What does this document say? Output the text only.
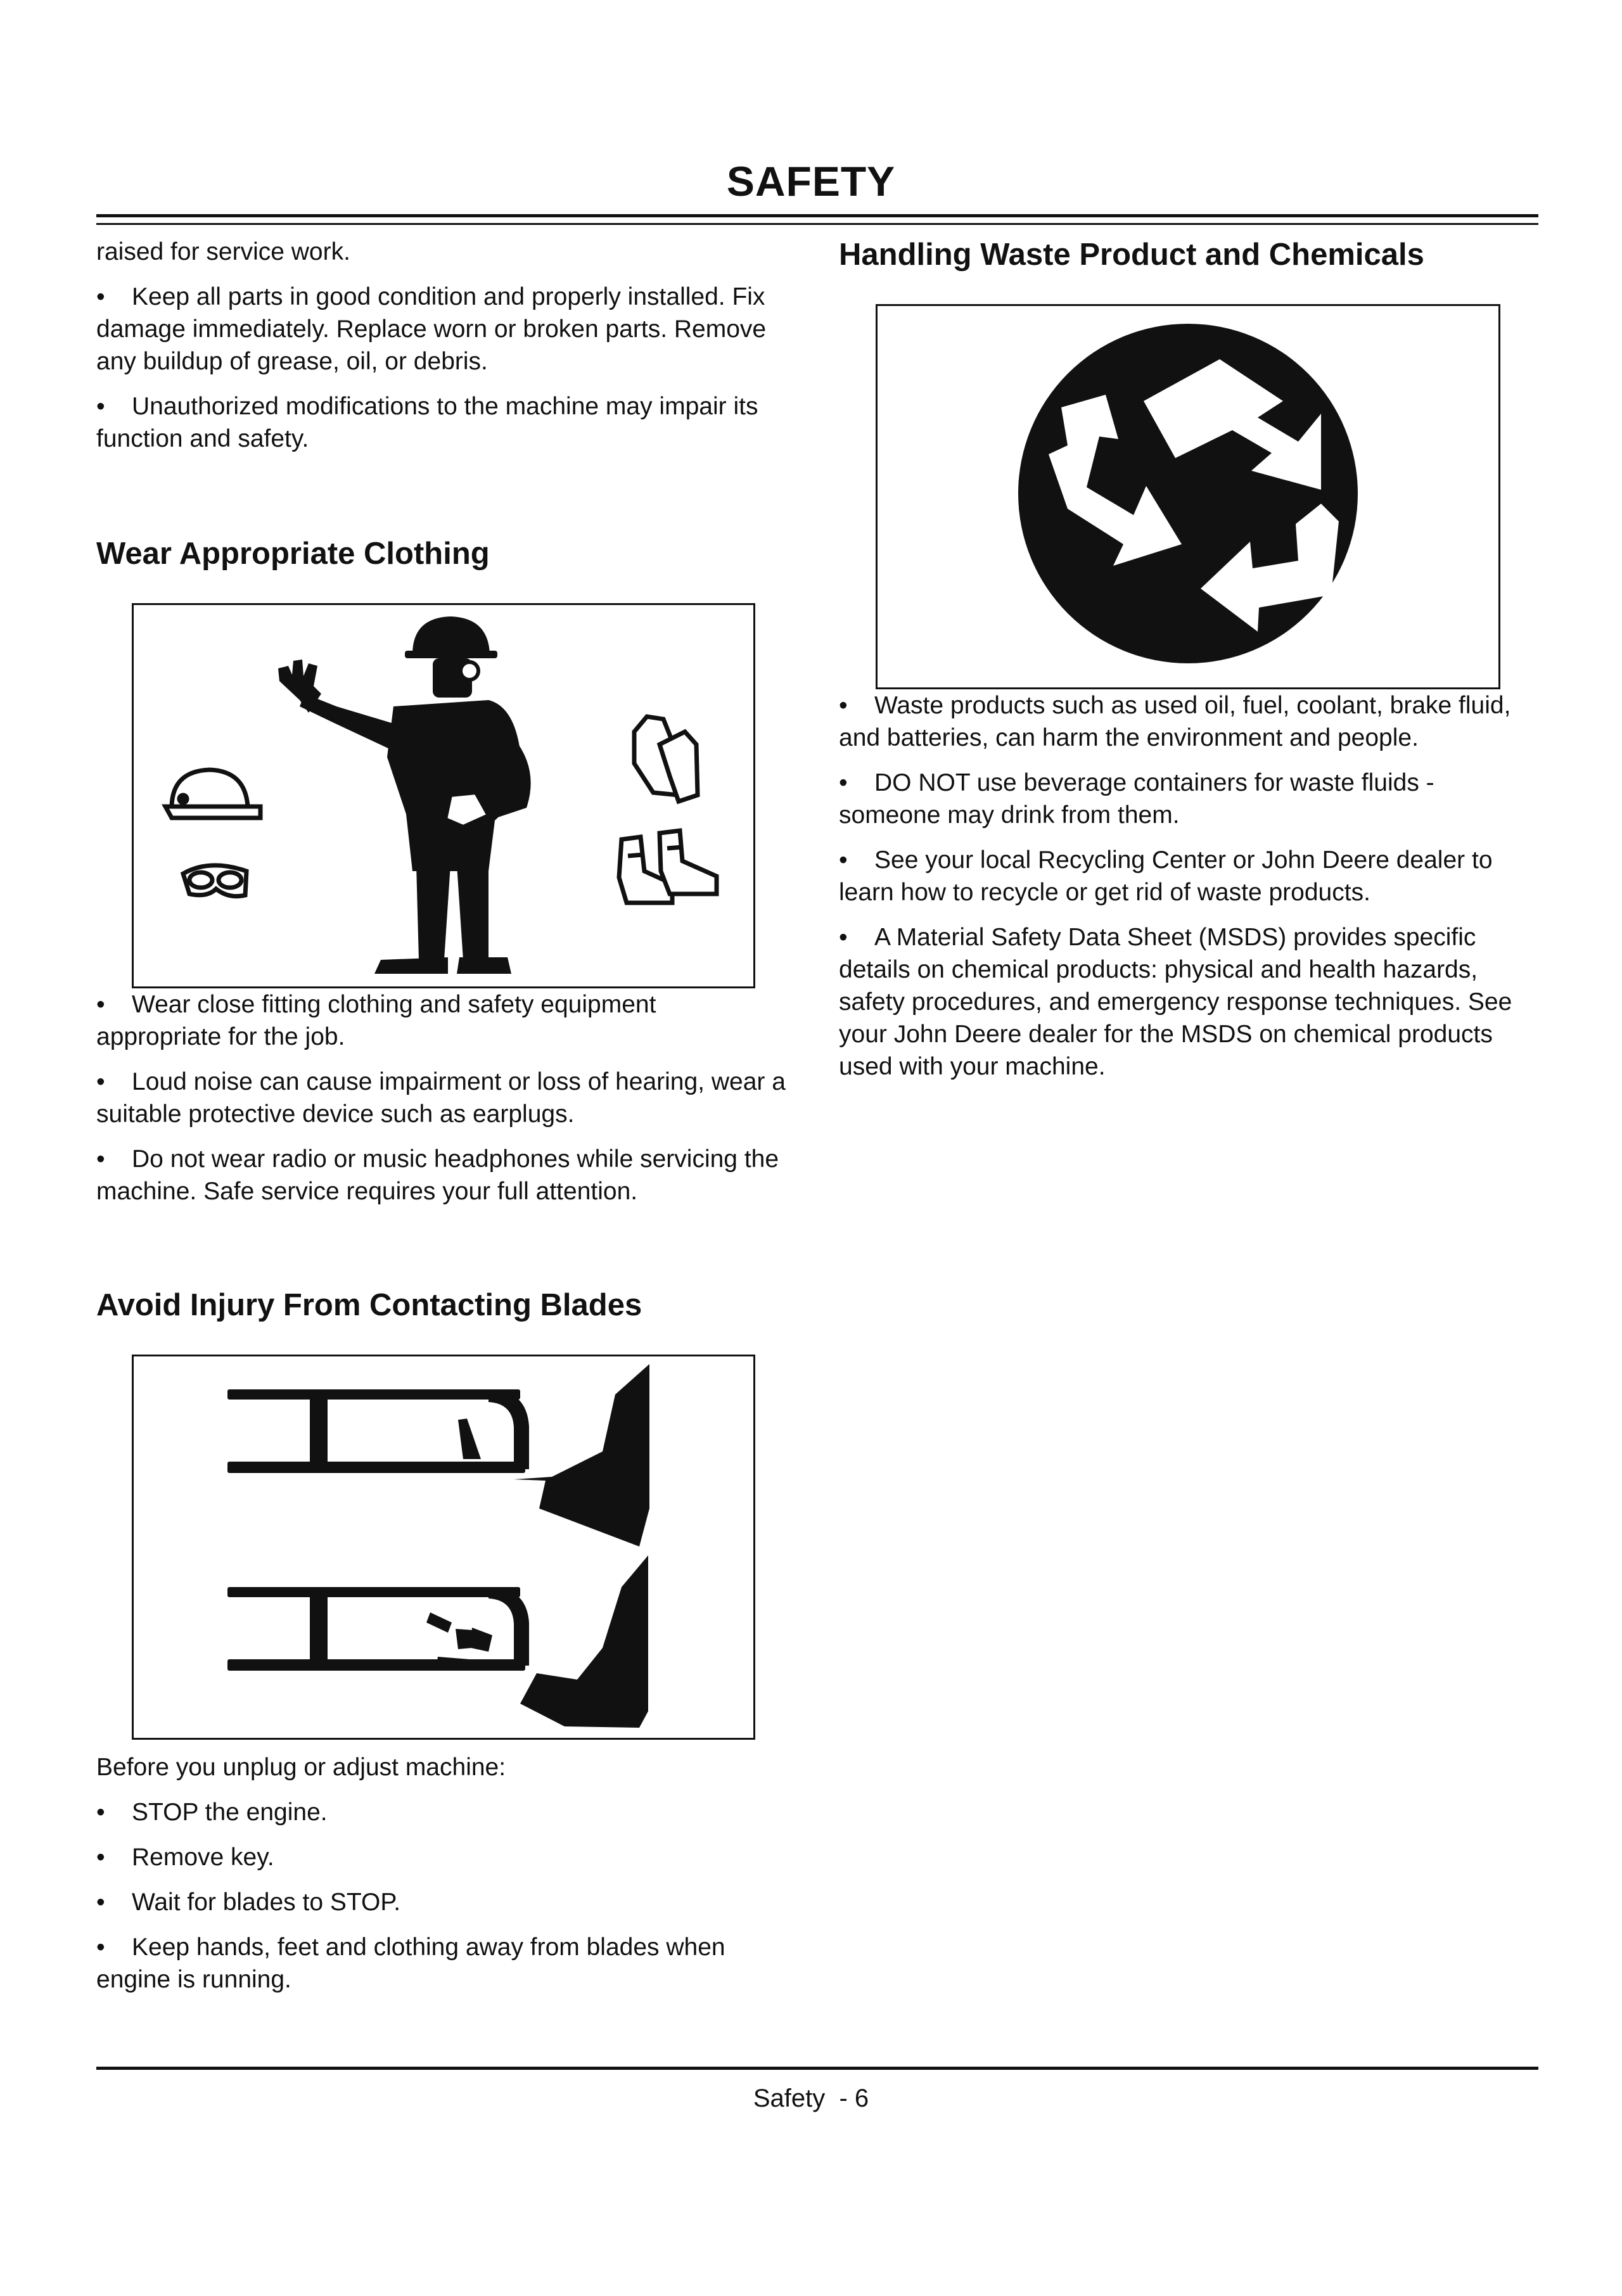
SAFETY

raised for service work.

• Keep all parts in good condition and properly installed. Fix damage immediately. Replace worn or broken parts. Remove any buildup of grease, oil, or debris.

• Unauthorized modifications to the machine may impair its function and safety.

Wear Appropriate Clothing

• Wear close fitting clothing and safety equipment appropriate for the job.

• Loud noise can cause impairment or loss of hearing, wear a suitable protective device such as earplugs.

• Do not wear radio or music headphones while servicing the machine. Safe service requires your full attention.

Avoid Injury From Contacting Blades

Before you unplug or adjust machine:

• STOP the engine.

• Remove key.

• Wait for blades to STOP.

• Keep hands, feet and clothing away from blades when engine is running.

Handling Waste Product and Chemicals

• Waste products such as used oil, fuel, coolant, brake fluid, and batteries, can harm the environment and people.

• DO NOT use beverage containers for waste fluids - someone may drink from them.

• See your local Recycling Center or John Deere dealer to learn how to recycle or get rid of waste products.

• A Material Safety Data Sheet (MSDS) provides specific details on chemical products: physical and health hazards, safety procedures, and emergency response techniques. See your John Deere dealer for the MSDS on chemical products used with your machine.

Safety  - 6
